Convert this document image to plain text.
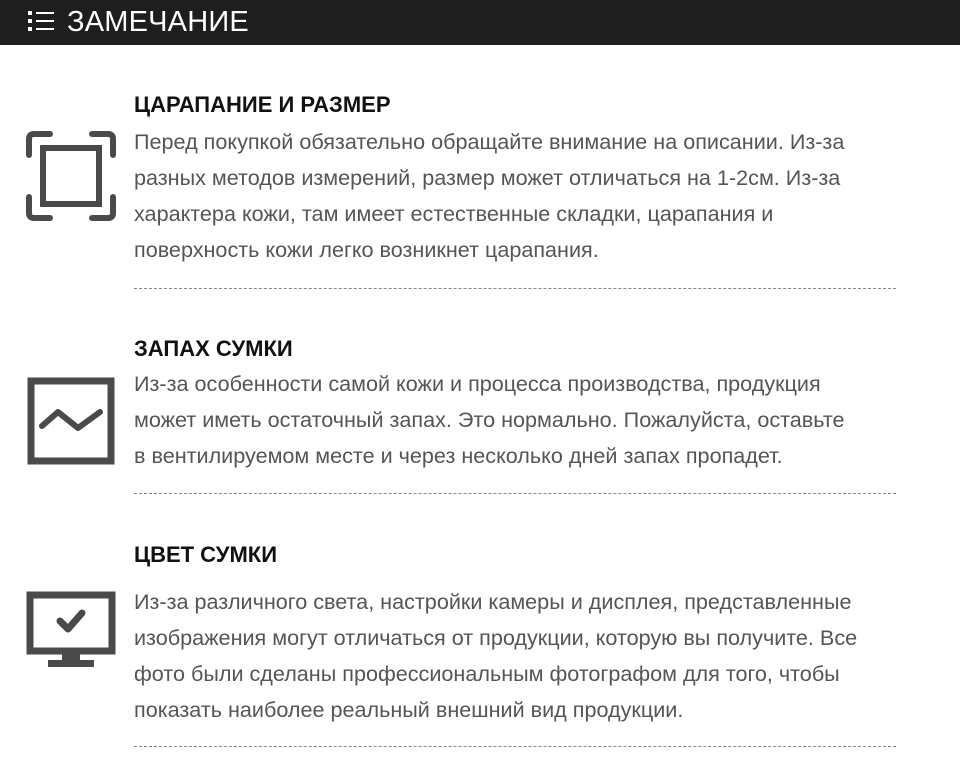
ЗАМЕЧАНИЕ
ЦАРАПАНИЕ И РАЗМЕР
Перед покупкой обязательно обращайте внимание на описании. Из-за
разных методов измерений, размер может отличаться на 1-2см. Из-за
характера кожи, там имеет естественные складки, царапания и
поверхность кожи легко возникнет царапания.
ЗАПАХ СУМКИ
Из-за особенности самой кожи и процесса производства, продукция
может иметь остаточный запах. Это нормально. Пожалуйста, оставьте
в вентилируемом месте и через несколько дней запах пропадет.
ЦВЕТ СУМКИ
Из-за различного света, настройки камеры и дисплея, представленные
изображения могут отличаться от продукции, которую вы получите. Все
фото были сделаны профессиональным фотографом для того, чтобы
показать наиболее реальный внешний вид продукции.
